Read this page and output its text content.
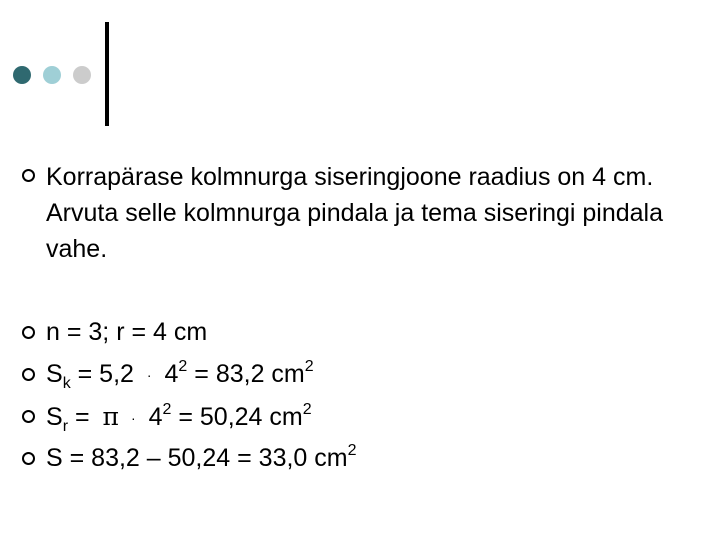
Korrapärase kolmnurga siseringjoone raadius on 4 cm. Arvuta selle kolmnurga pindala ja tema siseringi pindala vahe.
n = 3; r = 4 cm
$S_k = 5,2 \cdot 4^2 = 83,2$ $cm^2$
$S_r = \pi \cdot 4^2 = 50,24$ $cm^2$
S = 83,2 – 50,24 = 33,0 $cm^2$
